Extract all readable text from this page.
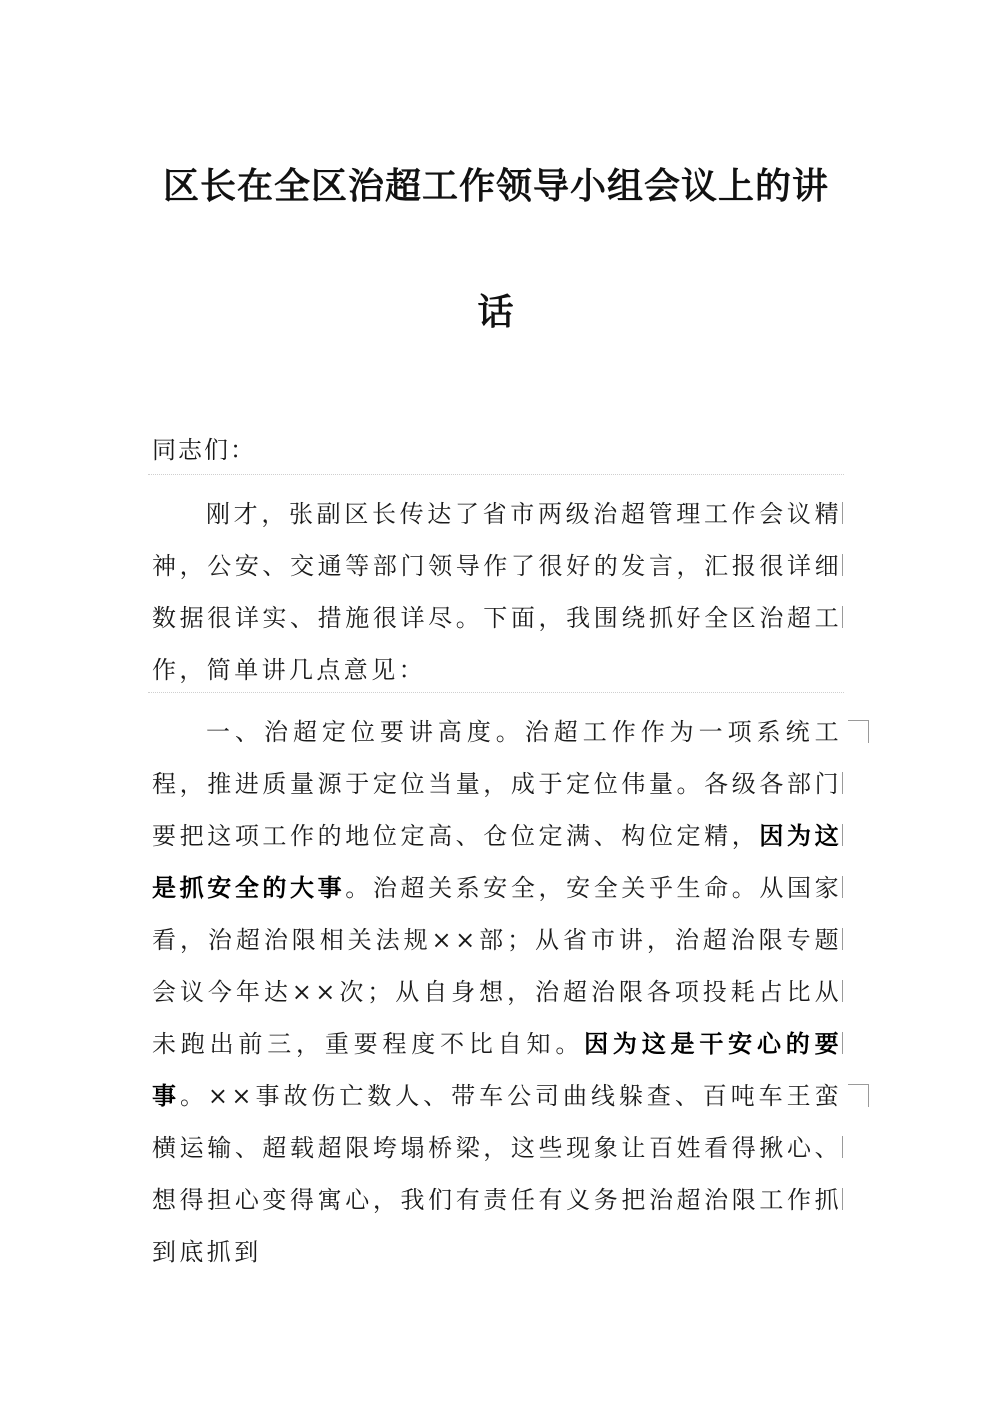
区长在全区治超工作领导小组会议上的讲
话
同志们：

刚才，张副区长传达了省市两级治超管理工作会议精神，公安、交通等部门领导作了很好的发言，汇报很详细数据很详实、措施很详尽。下面，我围绕抓好全区治超工作，简单讲几点意见：

一、治超定位要讲高度。治超工作作为一项系统工程，推进质量源于定位当量，成于定位伟量。各级各部门要把这项工作的地位定高、仓位定满、构位定精，因为这是抓安全的大事。治超关系安全，安全关乎生命。从国家看，治超治限相关法规××部；从省市讲，治超治限专题会议今年达××次；从自身想，治超治限各项投耗占比从未跑出前三，重要程度不比自知。因为这是干安心的要事。××事故伤亡数人、带车公司曲线躲查、百吨车王蛮横运输、超载超限垮塌桥梁，这些现象让百姓看得揪心、想得担心变得寓心，我们有责任有义务把治超治限工作抓到底抓到
